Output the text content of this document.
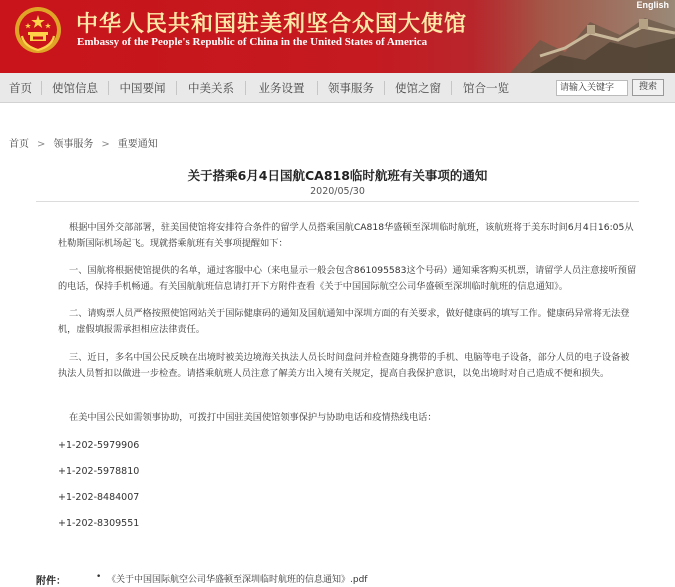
中华人民共和国驻美利坚合众国大使馆
Embassy of the People's Republic of China in the United States of America
English
首页	使馆信息	中国要闻	中美关系	业务设置	领事服务	使馆之窗	馆合一览	请输入关键字	搜索
首页 > 领事服务 > 重要通知
关于搭乘6月4日国航CA818临时航班有关事项的通知
2020/05/30
根据中国外交部部署，驻美国使馆将安排符合条件的留学人员搭乘国航CA818华盛顿至深圳临时航班，该航班将于美东时间6月4日16:05从杜勒斯国际机场起飞。现就搭乘航班有关事项提醒如下：
一、国航将根据使馆提供的名单，通过客服中心（来电显示一般会包含861095583这个号码）通知乘客购买机票，请留学人员注意接听预留的电话，保持手机畅通。有关国航航班信息请打开下方附件查看《关于中国国际航空公司华盛顿至深圳临时航班的信息通知》。
二、请购票人员严格按照使馆网站关于国际健康码的通知及国航通知中深圳方面的有关要求，做好健康码的填写工作。健康码异常将无法登机，虚假填报需承担相应法律责任。
三、近日，多名中国公民反映在出境时被美边境海关执法人员长时间盘问并检查随身携带的手机、电脑等电子设备，部分人员的电子设备被执法人员暂扣以做进一步检查。请搭乘航班人员注意了解美方出入境有关规定，提高自我保护意识，以免出境时对自己造成不便和损失。
在美中国公民如需领事协助，可拨打中国驻美国使馆领事保护与协助电话和疫情热线电话：
+1-202-5979906
+1-202-5978810
+1-202-8484007
+1-202-8309551
附件：	• 《关于中国国际航空公司华盛顿至深圳临时航班的信息通知》.pdf
